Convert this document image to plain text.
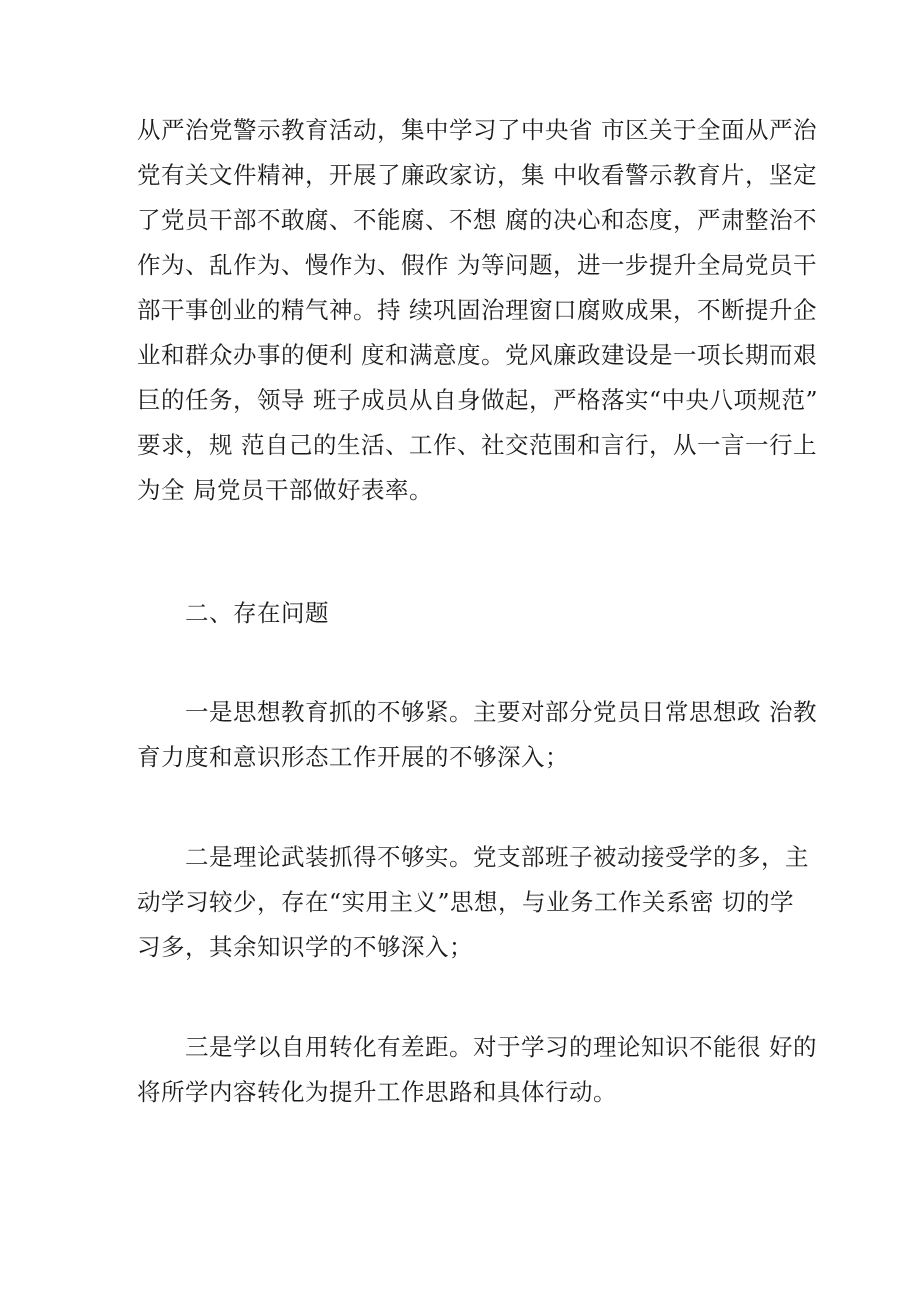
从严治党警示教育活动，集中学习了中央省 市区关于全面从严治
党有关文件精神，开展了廉政家访，集 中收看警示教育片，坚定
了党员干部不敢腐、不能腐、不想 腐的决心和态度，严肃整治不
作为、乱作为、慢作为、假作 为等问题，进一步提升全局党员干
部干事创业的精气神。持 续巩固治理窗口腐败成果，不断提升企
业和群众办事的便利 度和满意度。党风廉政建设是一项长期而艰
巨的任务，领导 班子成员从自身做起，严格落实“中央八项规范”
要求，规 范自己的生活、工作、社交范围和言行，从一言一行上
为全 局党员干部做好表率。
　　二、存在问题
　　一是思想教育抓的不够紧。主要对部分党员日常思想政 治教
育力度和意识形态工作开展的不够深入；
　　二是理论武装抓得不够实。党支部班子被动接受学的多，主
动学习较少，存在“实用主义”思想，与业务工作关系密 切的学
习多，其余知识学的不够深入；
　　三是学以自用转化有差距。对于学习的理论知识不能很 好的
将所学内容转化为提升工作思路和具体行动。
